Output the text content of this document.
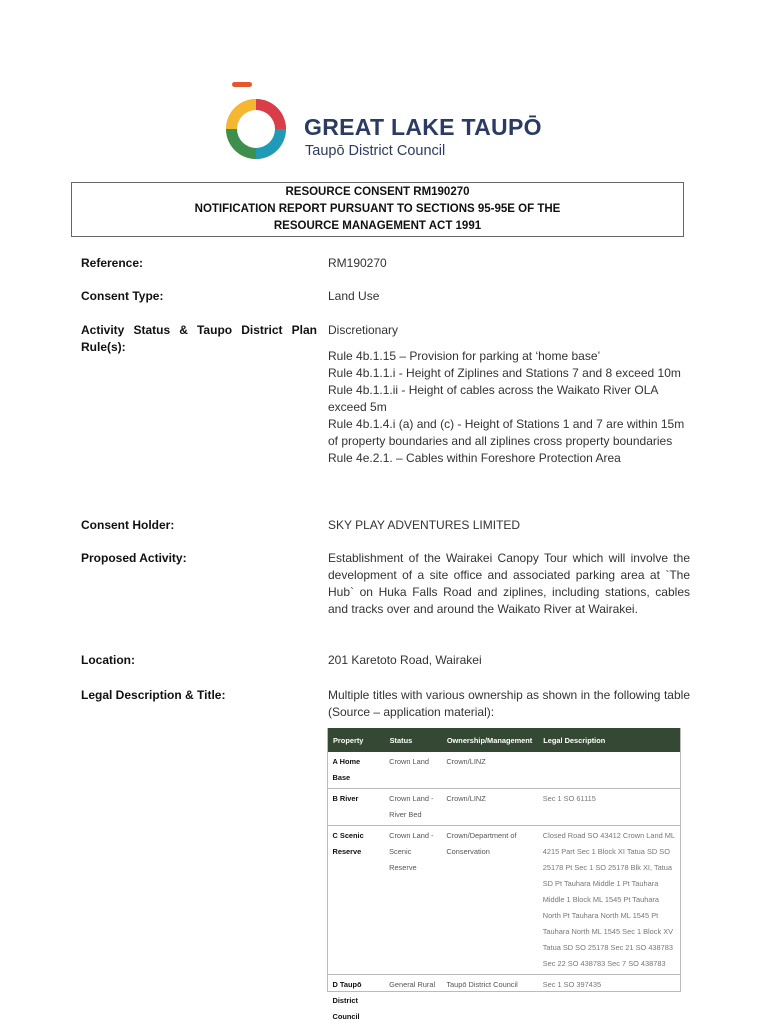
GREAT LAKE TAUPŌ
Taupō District Council
RESOURCE CONSENT RM190270
NOTIFICATION REPORT PURSUANT TO SECTIONS 95-95E OF THE
RESOURCE MANAGEMENT ACT 1991
Reference:	RM190270
Consent Type:	Land Use
Activity Status & Taupo District Plan Rule(s):

Discretionary

Rule 4b.1.15 – Provision for parking at ‘home base’

Rule 4b.1.1.i - Height of Ziplines and Stations 7 and 8 exceed 10m

Rule 4b.1.1.ii - Height of cables across the Waikato River OLA exceed 5m

Rule 4b.1.4.i (a) and (c) - Height of Stations 1 and 7 are within 15m of property boundaries and all ziplines cross property boundaries

Rule 4e.2.1. – Cables within Foreshore Protection Area

Consent Holder:	SKY PLAY ADVENTURES LIMITED
Proposed Activity:	Establishment of the Wairakei Canopy Tour which will involve the development of a site office and associated parking area at `The Hub` on Huka Falls Road and ziplines, including stations, cables and tracks over and around the Waikato River at Wairakei.
Location:	201 Karetoto Road, Wairakei
Legal Description & Title:	Multiple titles with various ownership as shown in the following table (Source – application material):
Property	Status	Ownership/Management	Legal Description
A Home Base	Crown Land	Crown/LINZ	
B River	Crown Land - River Bed	Crown/LINZ	Sec 1 SO 61115
C Scenic Reserve	Crown Land - Scenic Reserve	Crown/Department of Conservation	Closed Road SO 43412 Crown Land ML 4215 Part Sec 1 Block XI Tatua SD SO 25178 Pt Sec 1 SO 25178 Blk XI, Tatua SD Pt Tauhara Middle 1 Pt Tauhara Middle 1 Block ML 1545 Pt Tauhara North Pt Tauhara North ML 1545 Pt Tauhara North ML 1545 Sec 1 Block XV Tatua SD SO 25178 Sec 21 SO 438783 Sec 22 SO 438783 Sec 7 SO 438783
D Taupō District Council	General Rural	Taupō District Council	Sec 1 SO 397435
